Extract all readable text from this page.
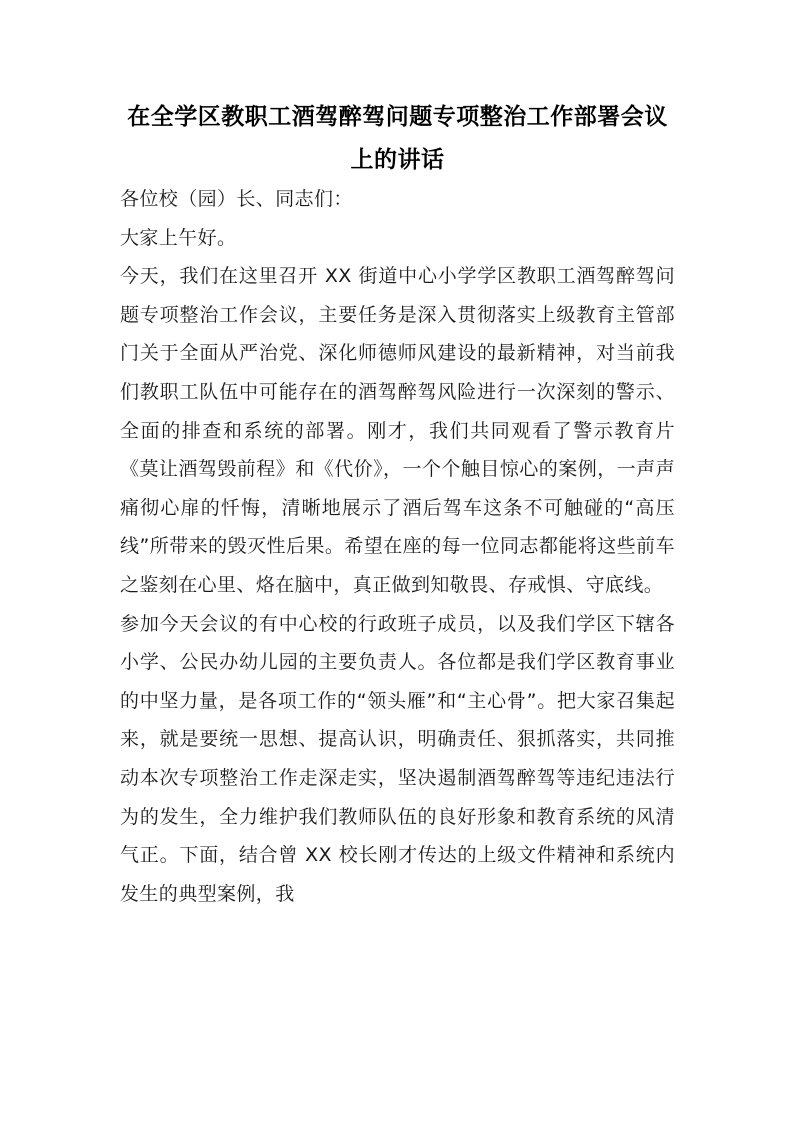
在全学区教职工酒驾醉驾问题专项整治工作部署会议上的讲话

各位校（园）长、同志们：

大家上午好。

今天，我们在这里召开 XX 街道中心小学学区教职工酒驾醉驾问题专项整治工作会议，主要任务是深入贯彻落实上级教育主管部门关于全面从严治党、深化师德师风建设的最新精神，对当前我们教职工队伍中可能存在的酒驾醉驾风险进行一次深刻的警示、全面的排查和系统的部署。刚才，我们共同观看了警示教育片《莫让酒驾毁前程》和《代价》，一个个触目惊心的案例，一声声痛彻心扉的忏悔，清晰地展示了酒后驾车这条不可触碰的“高压线”所带来的毁灭性后果。希望在座的每一位同志都能将这些前车之鉴刻在心里、烙在脑中，真正做到知敬畏、存戒惧、守底线。

参加今天会议的有中心校的行政班子成员，以及我们学区下辖各小学、公民办幼儿园的主要负责人。各位都是我们学区教育事业的中坚力量，是各项工作的“领头雁”和“主心骨”。把大家召集起来，就是要统一思想、提高认识，明确责任、狠抓落实，共同推动本次专项整治工作走深走实，坚决遏制酒驾醉驾等违纪违法行为的发生，全力维护我们教师队伍的良好形象和教育系统的风清气正。下面，结合曾 XX 校长刚才传达的上级文件精神和系统内发生的典型案例，我
